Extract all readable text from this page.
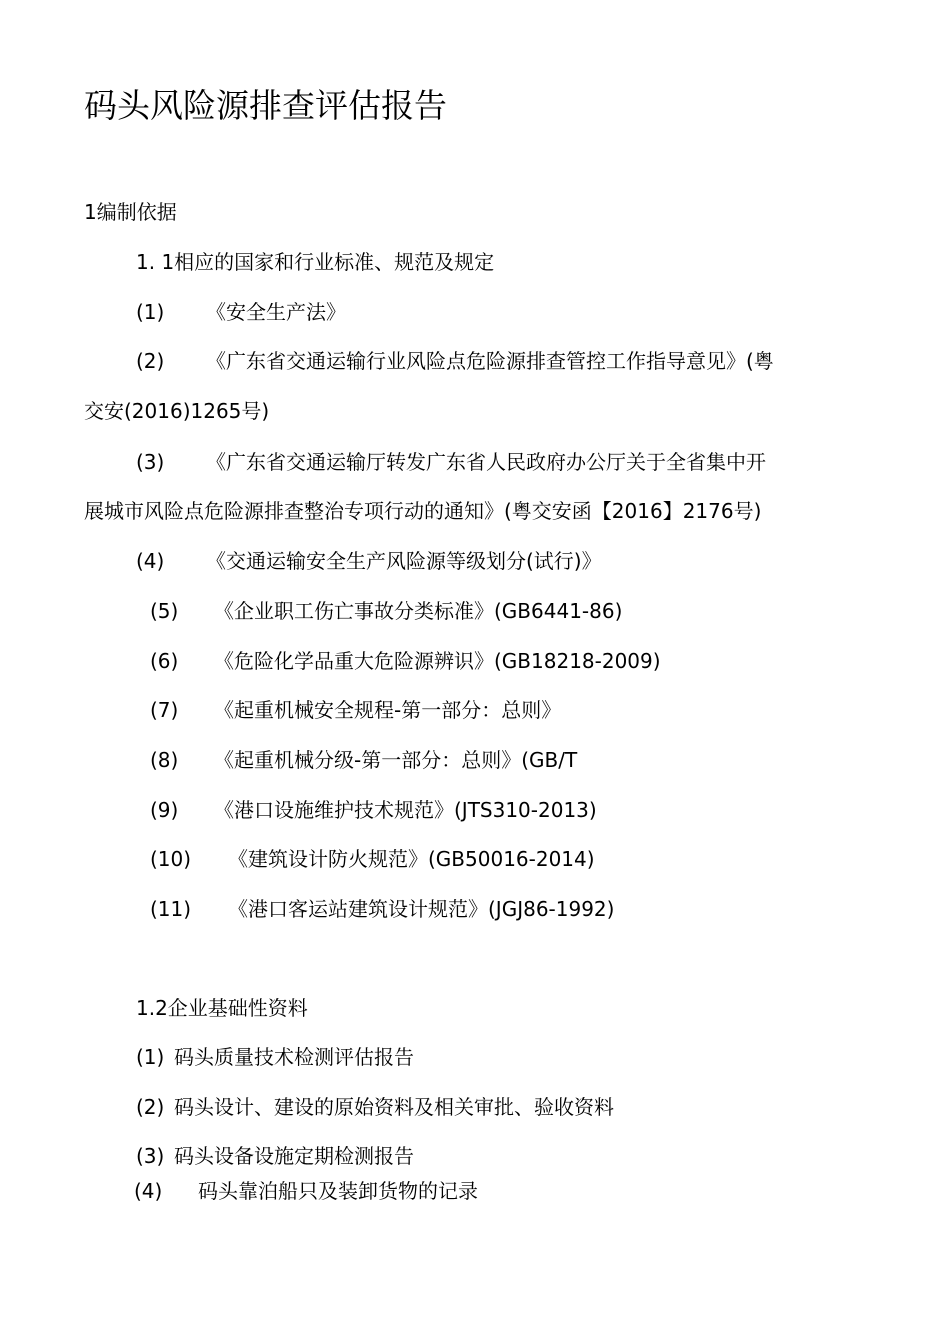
码头风险源排查评估报告
1编制依据
1. 1相应的国家和行业标准、规范及规定
(1) 《安全生产法》
(2) 《广东省交通运输行业风险点危险源排查管控工作指导意见》(粤
交安(2016)1265号)
(3) 《广东省交通运输厅转发广东省人民政府办公厅关于全省集中开
展城市风险点危险源排查整治专项行动的通知》(粤交安函【2016】2176号)
(4) 《交通运输安全生产风险源等级划分(试行)》
(5) 《企业职工伤亡事故分类标准》(GB6441-86)
(6) 《危险化学品重大危险源辨识》(GB18218-2009)
(7) 《起重机械安全规程-第一部分：总则》
(8) 《起重机械分级-第一部分：总则》(GB/T
(9) 《港口设施维护技术规范》(JTS310-2013)
(10) 《建筑设计防火规范》(GB50016-2014)
(11) 《港口客运站建筑设计规范》(JGJ86-1992)
1.2企业基础性资料
(1) 码头质量技术检测评估报告
(2) 码头设计、建设的原始资料及相关审批、验收资料
(3) 码头设备设施定期检测报告
(4) 码头靠泊船只及装卸货物的记录
